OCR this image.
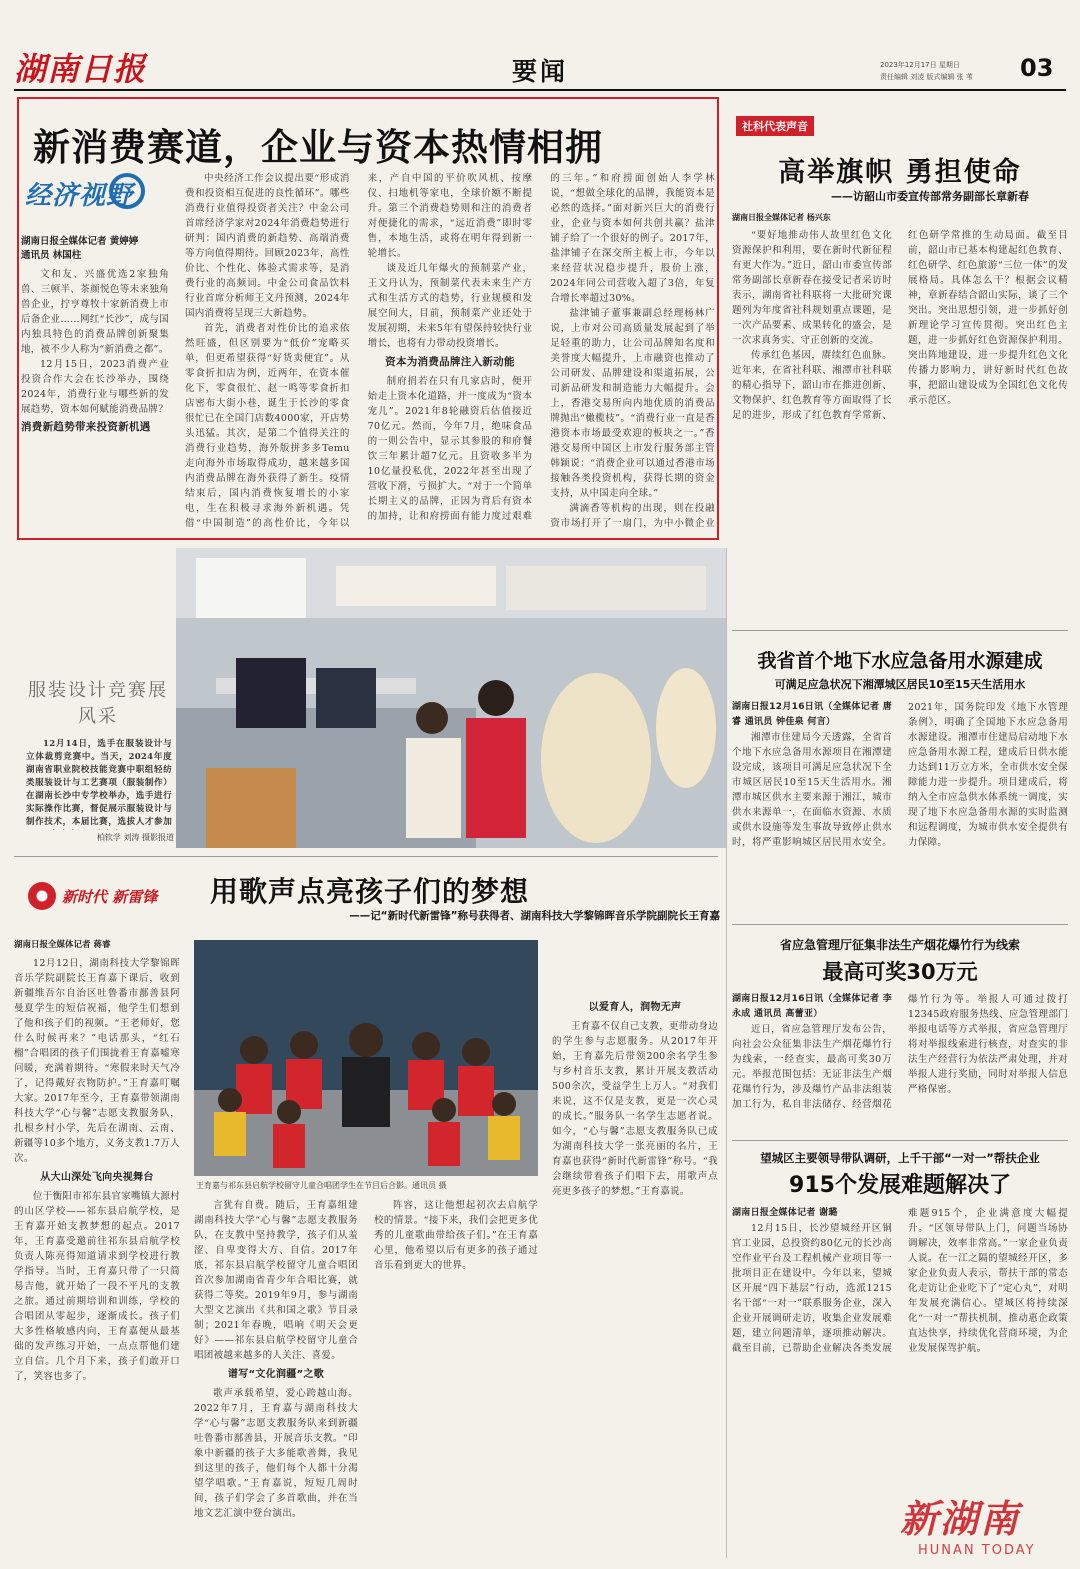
湖南日报	要闻	2023年12月17日 星期日
责任编辑 刘凌 版式编辑 张 苇	03
新消费赛道，企业与资本热情相拥
经济视野
湖南日报全媒体记者 黄婷婷
通讯员 林国柱

文和友、兴盛优选2家独角兽、三顿半、茶颜悦色等未来独角兽企业，拧亨尊牧十家新消费上市后备企业……网红“长沙”，成与国内独具特色的消费品牌创新聚集地，被不少人称为“新消费之都”。

12月15日，2023消费产业投资合作大会在长沙举办，围绕2024年，消费行业与哪些新的发展趋势，资本如何赋能消费品牌？

消费新趋势带来投资新机遇

中央经济工作会议提出要“形成消费和投资相互促进的良性循环”。哪些消费行业值得投资者关注？中金公司首席经济学家对2024年消费趋势进行研判：国内消费的新趋势、高端消费等方向值得期待。回顾2023年，高性价比、个性化、体验式需求等，是消费行业的高频词。中金公司食品饮料行业首席分析师王文丹预测，2024年国内消费将呈现三大新趋势。

首先，消费者对性价比的追求依然旺盛，但区别要为“低价”宠略买单，但更希望获得“好货卖便宜”。从零食折扣店为例，近两年，在资本催化下，零食很忙、赵一鸣等零食折扣店密布大街小巷，诞生于长沙的零食很忙已在全国门店数4000家，开店势头迅猛。其次，是第二个值得关注的消费行业趋势，海外版拼多多Temu走向海外市场取得成功，越来越多国内消费品牌在海外获得了新生。疫情结束后，国内消费恢复增长的小家电，生在积极寻求海外新机遇。凭借“中国制造”的高性价比，今年以来，产自中国的平价吹风机、按摩仪、扫地机等家电，全球价额不断提升。第三个消费趋势则和注的消费者对便捷化的需求，“远近消费”即时零售，本地生活，或将在明年得到新一轮增长。

谈及近几年爆火的预制菜产业，王文丹认为，预制菜代表未来生产方式和生活方式的趋势，行业规模和发展空间大，目前，预制菜产业还处于发展初期，未来5年有望保持较快行业增长，也将有力带动投资增长。

资本为消费品牌注入新动能

制府捐若在只有几家店时，便开始走上资本化道路，并一度成为“资本宠儿”。2021年8轮融资后估值接近70亿元。然而，今年7月，绝味食品的一则公告中，显示其参股的和府餐饮三年累计超7亿元。且资收多半为10亿量投私优，2022年甚至出现了营收下滑，亏损扩大。“对于一个简单长期主义的品牌，正因为背后有资本的加持，让和府捞面有能力度过艰难的三年。”和府捞面创始人李学林说，“想做全球化的品牌，我能资本是必然的选择。”面对新兴巨大的消费行业，企业与资本如何共创共赢？盐津铺子给了一个很好的例子。2017年，盐津铺子在深交所主板上市，今年以来经营状况稳步提升，股价上涨，2024年同公司营收入超了3倍，年复合增长率超过30%。

盐津铺子董事兼副总经理杨林广说，上市对公司高质量发展起到了举足轻重的助力，让公司品牌知名度和美誉度大幅提升，上市融资也推动了公司研发、品牌建设和渠道拓展，公司新品研发和制造能力大幅提升。会上，香港交易所向内地优质的消费品牌抛出“橄榄枝”。“消费行业一直是香港资本市场最受欢迎的板块之一。”香港交易所中国区上市发行服务部主管韩颖说：“消费企业可以通过香港市场接触各类投资机构，获得长期的资金支持，从中国走向全球。”

满滴香等机构的出现，则在投融资市场打开了一扇门，为中小微企业

社科代表声音
高举旗帜 勇担使命
——访韶山市委宣传部常务副部长章新春
湖南日报全媒体记者 杨兴东

“要好地推动伟人故里红色文化资源保护和利用，要在新时代新征程有更大作为。”近日，韶山市委宣传部常务副部长章新春在接受记者采访时表示，湖南省社科联将一大批研究课题列为年度省社科规划重点课题，是一次产品要素、成果转化的盛会，是一次求真务实、守正创新的交流。

传承红色基因，赓续红色血脉。近年来，在省社科联、湘潭市社科联的精心指导下，韶山市在推进创新、文物保护、红色教育等方面取得了长足的进步，形成了红色教育学常新、红色研学常推的生动局面。截至目前，韶山市已基本构建起红色教育、红色研学、红色旅游“三位一体”的发展格局。具体怎么干？根据会议精神，章新春结合韶山实际，谈了三个突出。突出思想引领，进一步抓好创新理论学习宣传贯彻。突出红色主题，进一步抓好红色资源保护利用。突出阵地建设，进一步提升红色文化传播力影响力，讲好新时代红色故事，把韶山建设成为全国红色文化传承示范区。

服装设计竞赛展风采
12月14日，选手在服装设计与立体裁剪竞赛中。当天，2024年度湖南省职业院校技能竞赛中职组轻纺类服装设计与工艺赛项（服装制作）在湖南长沙中专学校举办，选手进行实际操作比赛，督促展示服装设计与制作技术，本届比赛，选拔人才参加
柏钦学 刘涛 摄影报道
我省首个地下水应急备用水源建成
可满足应急状况下湘潭城区居民10至15天生活用水

湖南日报12月16日讯（全媒体记者 唐睿 通讯员 钟佳泉 何言）

湘潭市住建局今天透露，全省首个地下水应急备用水源项目在湘潭建设完成，该项目可满足应急状况下全市城区居民10至15天生活用水。湘潭市城区供水主要来源于湘江，城市供水来源单一，在面临水资源、水质或供水设施等发生事故导致停止供水时，将严重影响城区居民用水安全。2021年，国务院印发《地下水管理条例》，明确了全国地下水应急备用水源建设。湘潭市住建局启动地下水应急备用水源工程，建成后日供水能力达到11万立方米，全市供水安全保障能力进一步提升。项目建成后，将纳入全市应急供水体系统一调度，实现了地下水应急备用水源的实时监测和远程调度，为城市供水安全提供有力保障。

省应急管理厅征集非法生产烟花爆竹行为线索
最高可奖30万元

湖南日报12月16日讯（全媒体记者 李永成 通讯员 高蕾亚）

近日，省应急管理厅发布公告，向社会公众征集非法生产烟花爆竹行为线索，一经查实，最高可奖30万元。举报范围包括：无证非法生产烟花爆竹行为，涉及爆竹产品非法组装加工行为，私自非法储存、经营烟花爆竹行为等。举报人可通过拨打12345政府服务热线、应急管理部门举报电话等方式举报，省应急管理厅将对举报线索进行核查，对查实的非法生产经营行为依法严肃处理，并对举报人进行奖励，同时对举报人信息严格保密。

望城区主要领导带队调研，上千干部“一对一”帮扶企业
915个发展难题解决了

湖南日报全媒体记者 谢璐

12月15日，长沙望城经开区铜官工业园，总投资约80亿元的长沙高空作业平台及工程机械产业项目等一批项目正在建设中。今年以来，望城区开展“四下基层”行动，选派1215名干部“一对一”联系服务企业，深入企业开展调研走访，收集企业发展难题，建立问题清单，逐项推动解决。截至目前，已帮助企业解决各类发展难题915个，企业满意度大幅提升。“区领导带队上门，问题当场协调解决，效率非常高。”一家企业负责人说。在一江之隔的望城经开区，多家企业负责人表示，帮扶干部的常态化走访让企业吃下了“定心丸”，对明年发展充满信心。望城区将持续深化“一对一”帮扶机制，推动惠企政策直达快享，持续优化营商环境，为企业发展保驾护航。

新时代 新雷锋 用歌声点亮孩子们的梦想
——记“新时代新雷锋”称号获得者、湖南科技大学黎锦晖音乐学院副院长王育嘉
湖南日报全媒体记者 蒋睿

12月12日，湖南科技大学黎锦晖音乐学院副院长王育嘉下课后，收到新疆维吾尔自治区吐鲁番市鄯善县阿曼夏学生的短信祝福，他学生们想到了他和孩子们的视频。“王老师好，您什么时候再来？”电话那头，“红石榴”合唱团的孩子们围拢着王育嘉嘘寒问暖，充满着期待。“寒假来时天气冷了，记得戴好衣物防护。”王育嘉叮嘱大家。2017年至今，王育嘉带领湖南科技大学“心与馨”志愿支教服务队，扎根乡村小学，先后在湖南、云南、新疆等10多个地方，义务支教1.7万人次。

从大山深处飞向央视舞台

位于衡阳市祁东县官家嘴镇大源村的山区学校——祁东县启航学校，是王育嘉开始支教梦想的起点。2017年，王育嘉受邀前往祁东县启航学校负责人陈亮得知道请求到学校进行教学指导。当时，王育嘉只带了一只简易吉他，就开始了一段不平凡的支教之旅。通过前期培训和训练，学校的合唱团从零起步，逐渐成长。孩子们大多性格敏感内向，王育嘉便从最基础的发声练习开始，一点点帮他们建立自信。几个月下来，孩子们敢开口了，笑容也多了。

王育嘉与祁东县启航学校留守儿童合唱团学生在节目后合影。通讯员 摄

言犹有自费。随后，王育嘉组建湖南科技大学“心与馨”志愿支教服务队，在支教中坚持教学，孩子们从羞涩、自卑变得大方、自信。2017年底，祁东县启航学校留守儿童合唱团首次参加湖南省青少年合唱比赛，就获得二等奖。2019年9月，参与湖南大型文艺演出《共和国之歌》节目录制；2021年春晚，唱响《明天会更好》——祁东县启航学校留守儿童合唱团被越来越多的人关注、喜爱。

谱写“文化润疆”之歌

歌声承载希望，爱心跨越山海。2022年7月，王育嘉与湖南科技大学“心与馨”志愿支教服务队来到新疆吐鲁番市鄯善县，开展音乐支教。“印象中新疆的孩子大多能歌善舞，我见到这里的孩子，他们每个人都十分渴望学唱歌。”王育嘉说，短短几周时间，孩子们学会了多首歌曲，并在当地文艺汇演中登台演出。

阵容，这让他想起初次去启航学校的情景。“接下来，我们会把更多优秀的儿童歌曲带给孩子们。”在王育嘉心里，他希望以后有更多的孩子通过音乐看到更大的世界。

以爱育人，润物无声

王育嘉不仅自己支教，更带动身边的学生参与志愿服务。从2017年开始，王育嘉先后带领200余名学生参与乡村音乐支教，累计开展支教活动500余次，受益学生上万人。“对我们来说，这不仅是支教，更是一次心灵的成长。”服务队一名学生志愿者说。如今，“心与馨”志愿支教服务队已成为湖南科技大学一张亮丽的名片，王育嘉也获得“新时代新雷锋”称号。“我会继续带着孩子们唱下去，用歌声点亮更多孩子的梦想。”王育嘉说。

新湖南
HUNAN TODAY
